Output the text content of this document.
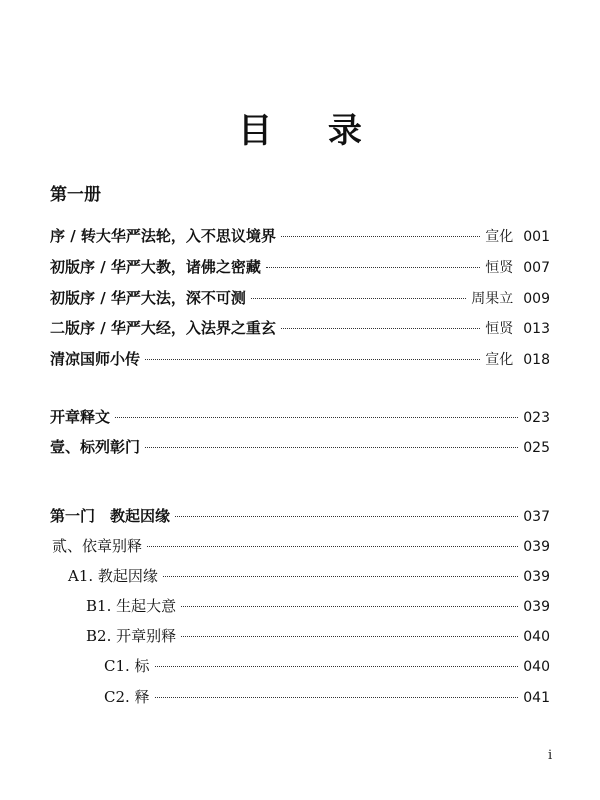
目 录
第一册
序 / 转大华严法轮，入不思议境界	宣化 001
初版序 / 华严大教，诸佛之密藏	恒贤 007
初版序 / 华严大法，深不可测	周果立 009
二版序 / 华严大经，入法界之重玄	恒贤 013
清凉国师小传	宣化 018
开章释文	023
壹、标列彰门	025
第一门　教起因缘	037
贰、依章别释	039
A1. 教起因缘	039
B1. 生起大意	039
B2. 开章别释	040
C1. 标	040
C2. 释	041
i
